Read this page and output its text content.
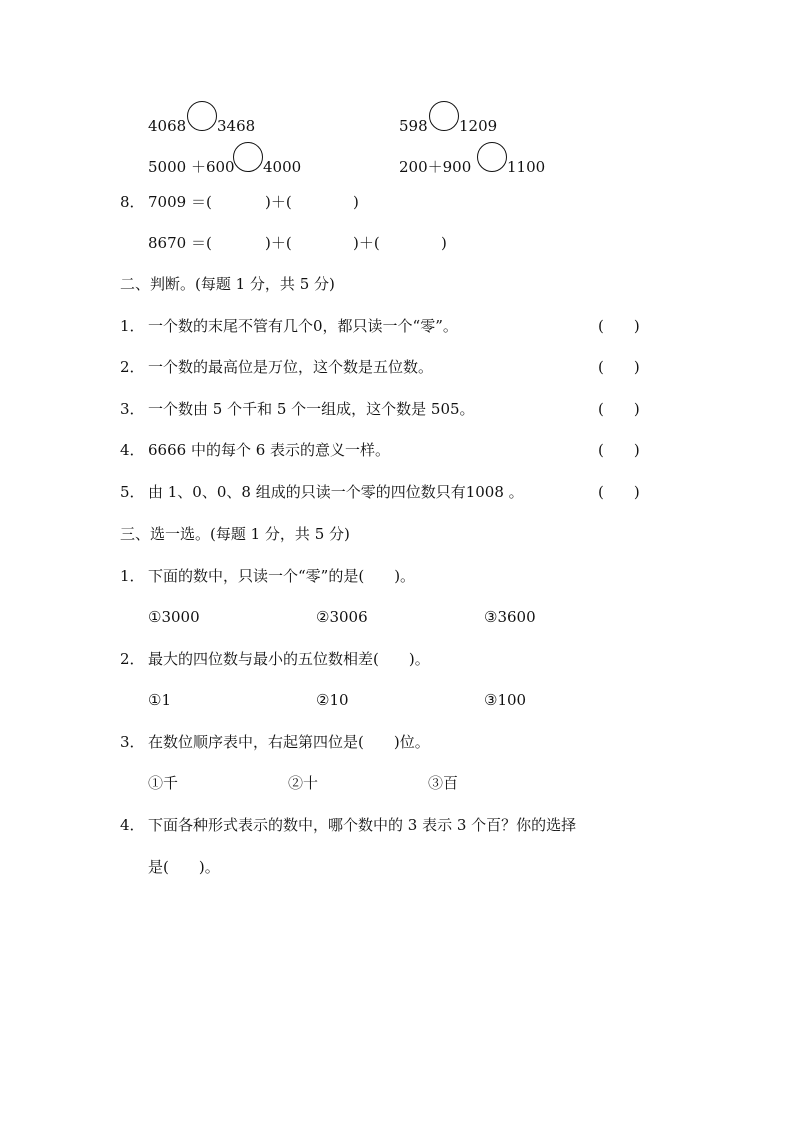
4068 3468	598 1209
5000 ＋600 4000	200＋900 1100
8． 7009 ＝(	)＋(	)
8670 ＝(	)＋(	)＋(	)
二、判断。(每题 1 分，共 5 分)
1． 一个数的末尾不管有几个0，都只读一个“零”。	(　　)
2． 一个数的最高位是万位，这个数是五位数。	(　　)
3． 一个数由 5 个千和 5 个一组成，这个数是 505。	(　　)
4． 6666 中的每个 6 表示的意义一样。	(　　)
5． 由 1、0、0、8 组成的只读一个零的四位数只有1008 。	(　　)
三、选一选。(每题 1 分，共 5 分)
1． 下面的数中，只读一个“零”的是(　　)。
①3000	②3006	③3600
2． 最大的四位数与最小的五位数相差(　　)。
①1	②10	③100
3． 在数位顺序表中，右起第四位是(　　)位。
①千	②十	③百
4． 下面各种形式表示的数中，哪个数中的 3 表示 3 个百？你的选择
是(　　)。
